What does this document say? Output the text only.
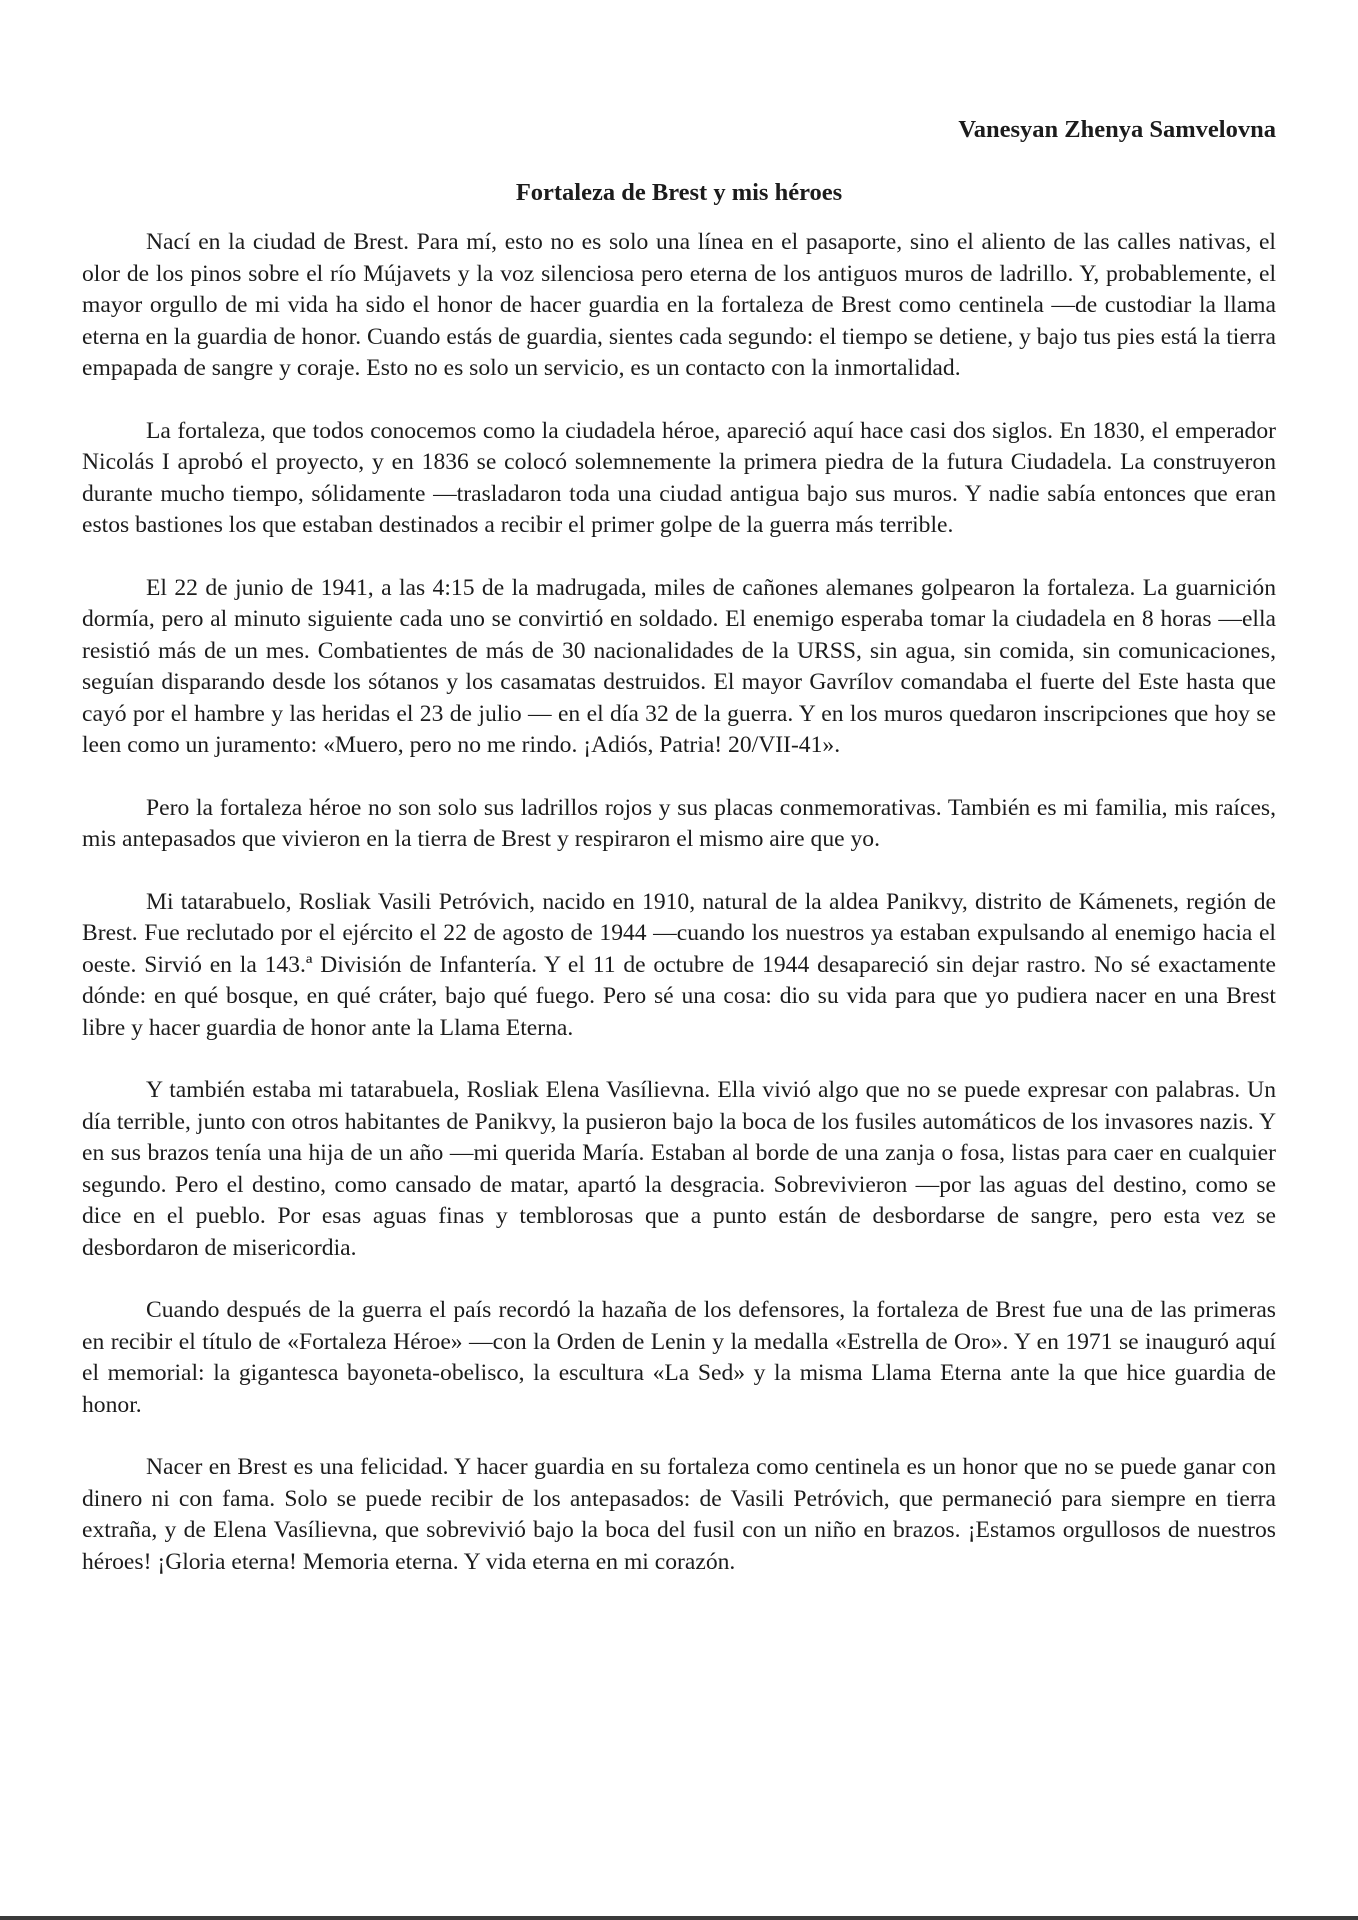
Vanesyan Zhenya Samvelovna

Fortaleza de Brest y mis héroes

Nací en la ciudad de Brest. Para mí, esto no es solo una línea en el pasaporte, sino el aliento de las calles nativas, el olor de los pinos sobre el río Mújavets y la voz silenciosa pero eterna de los antiguos muros de ladrillo. Y, probablemente, el mayor orgullo de mi vida ha sido el honor de hacer guardia en la fortaleza de Brest como centinela —de custodiar la llama eterna en la guardia de honor. Cuando estás de guardia, sientes cada segundo: el tiempo se detiene, y bajo tus pies está la tierra empapada de sangre y coraje. Esto no es solo un servicio, es un contacto con la inmortalidad.

La fortaleza, que todos conocemos como la ciudadela héroe, apareció aquí hace casi dos siglos. En 1830, el emperador Nicolás I aprobó el proyecto, y en 1836 se colocó solemnemente la primera piedra de la futura Ciudadela. La construyeron durante mucho tiempo, sólidamente —trasladaron toda una ciudad antigua bajo sus muros. Y nadie sabía entonces que eran estos bastiones los que estaban destinados a recibir el primer golpe de la guerra más terrible.

El 22 de junio de 1941, a las 4:15 de la madrugada, miles de cañones alemanes golpearon la fortaleza. La guarnición dormía, pero al minuto siguiente cada uno se convirtió en soldado. El enemigo esperaba tomar la ciudadela en 8 horas —ella resistió más de un mes. Combatientes de más de 30 nacionalidades de la URSS, sin agua, sin comida, sin comunicaciones, seguían disparando desde los sótanos y los casamatas destruidos. El mayor Gavrílov comandaba el fuerte del Este hasta que cayó por el hambre y las heridas el 23 de julio — en el día 32 de la guerra. Y en los muros quedaron inscripciones que hoy se leen como un juramento: «Muero, pero no me rindo. ¡Adiós, Patria! 20/VII-41».

Pero la fortaleza héroe no son solo sus ladrillos rojos y sus placas conmemorativas. También es mi familia, mis raíces, mis antepasados que vivieron en la tierra de Brest y respiraron el mismo aire que yo.

Mi tatarabuelo, Rosliak Vasili Petróvich, nacido en 1910, natural de la aldea Panikvy, distrito de Kámenets, región de Brest. Fue reclutado por el ejército el 22 de agosto de 1944 —cuando los nuestros ya estaban expulsando al enemigo hacia el oeste. Sirvió en la 143.ª División de Infantería. Y el 11 de octubre de 1944 desapareció sin dejar rastro. No sé exactamente dónde: en qué bosque, en qué cráter, bajo qué fuego. Pero sé una cosa: dio su vida para que yo pudiera nacer en una Brest libre y hacer guardia de honor ante la Llama Eterna.

Y también estaba mi tatarabuela, Rosliak Elena Vasílievna. Ella vivió algo que no se puede expresar con palabras. Un día terrible, junto con otros habitantes de Panikvy, la pusieron bajo la boca de los fusiles automáticos de los invasores nazis. Y en sus brazos tenía una hija de un año —mi querida María. Estaban al borde de una zanja o fosa, listas para caer en cualquier segundo. Pero el destino, como cansado de matar, apartó la desgracia. Sobrevivieron —por las aguas del destino, como se dice en el pueblo. Por esas aguas finas y temblorosas que a punto están de desbordarse de sangre, pero esta vez se desbordaron de misericordia.

Cuando después de la guerra el país recordó la hazaña de los defensores, la fortaleza de Brest fue una de las primeras en recibir el título de «Fortaleza Héroe» —con la Orden de Lenin y la medalla «Estrella de Oro». Y en 1971 se inauguró aquí el memorial: la gigantesca bayoneta-obelisco, la escultura «La Sed» y la misma Llama Eterna ante la que hice guardia de honor.

Nacer en Brest es una felicidad. Y hacer guardia en su fortaleza como centinela es un honor que no se puede ganar con dinero ni con fama. Solo se puede recibir de los antepasados: de Vasili Petróvich, que permaneció para siempre en tierra extraña, y de Elena Vasílievna, que sobrevivió bajo la boca del fusil con un niño en brazos. ¡Estamos orgullosos de nuestros héroes! ¡Gloria eterna! Memoria eterna. Y vida eterna en mi corazón.
